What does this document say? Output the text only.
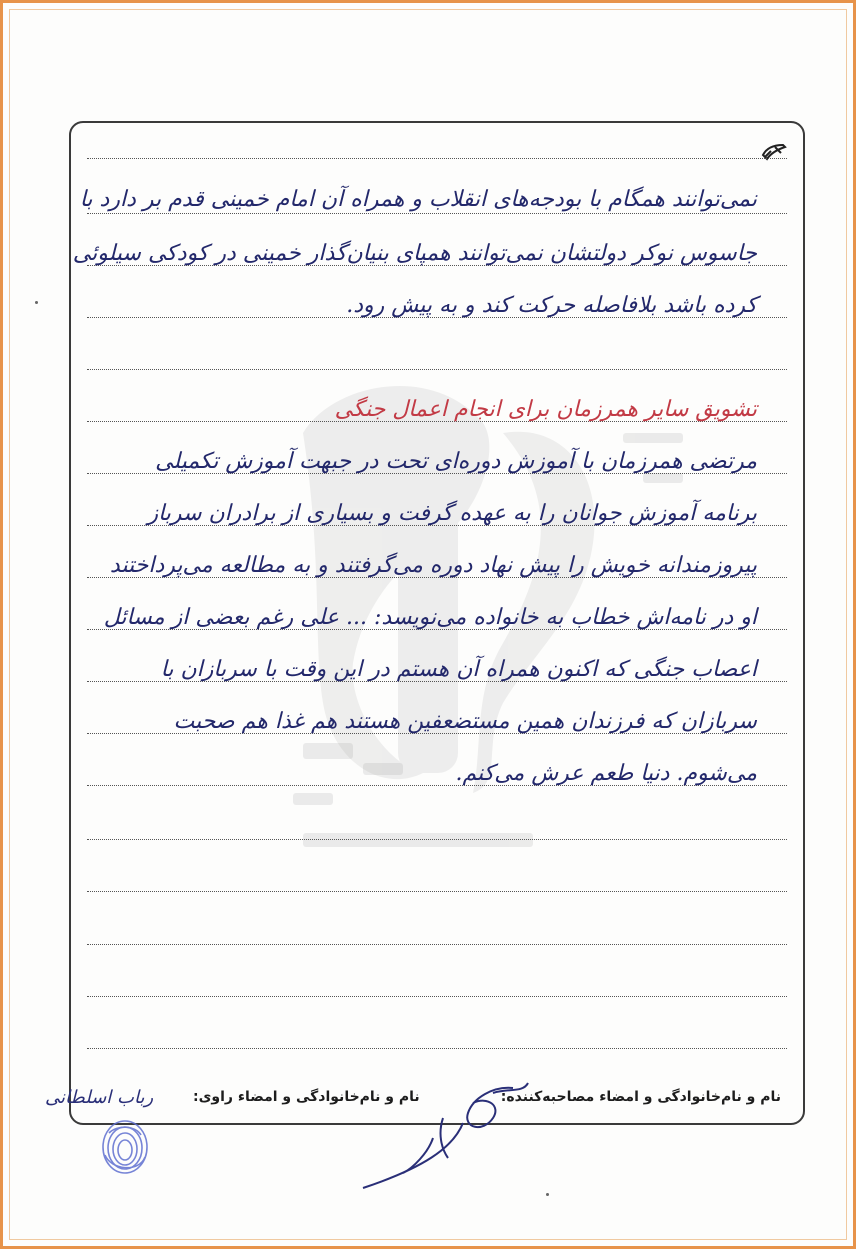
نمی‌توانند همگام با بودجه‌های انقلاب و همراه آن امام خمینی قدم بر دارد با
جاسوس نوکر دولتشان نمی‌توانند همپای بنیان‌گذار خمینی در کودکی سیلوئی
کرده باشد بلافاصله حرکت کند و به پیش رود.
تشویق سایر همرزمان برای انجام اعمال جنگی
مرتضی همرزمان با آموزش دوره‌ای تحت در جبهت آموزش تکمیلی
برنامه آموزش جوانان را به عهده گرفت و بسیاری از برادران سرباز
پیروزمندانه خویش را پیش نهاد دوره می‌گرفتند و به مطالعه می‌پرداختند
او در نامه‌اش خطاب به خانواده می‌نویسد: ... علی رغم بعضی از مسائل
اعصاب جنگی که اکنون همراه آن هستم در این وقت با سربازان با
سربازان که فرزندان همین مستضعفین هستند هم غذا هم صحبت
می‌شوم. دنیا طعم عرش می‌کنم.
نام و نام‌خانوادگی و امضاء مصاحبه‌کننده:
نام و نام‌خانوادگی و امضاء راوی:
رباب اسلطانی
